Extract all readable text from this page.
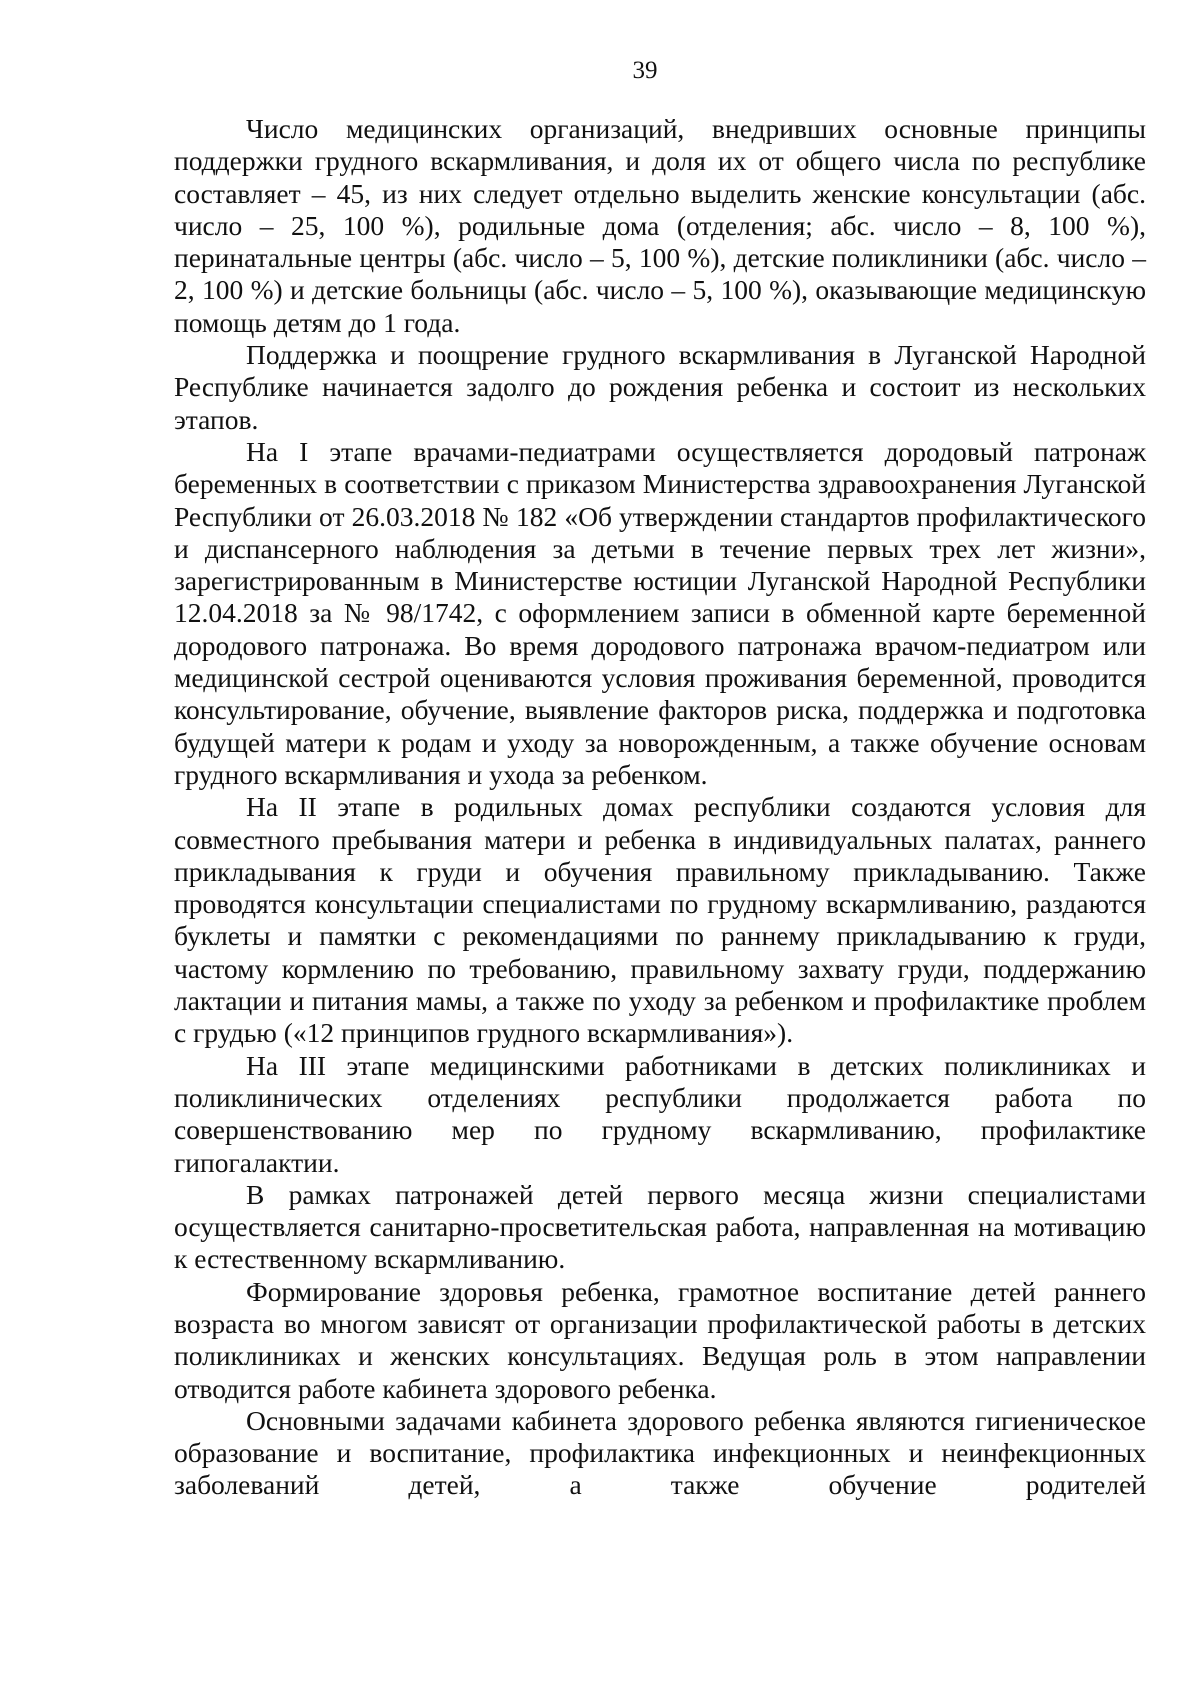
39

Число медицинских организаций, внедривших основные принципы поддержки грудного вскармливания, и доля их от общего числа по республике составляет – 45, из них следует отдельно выделить женские консультации (абс. число – 25, 100 %), родильные дома (отделения; абс. число – 8, 100 %), перинатальные центры (абс. число – 5, 100 %), детские поликлиники (абс. число – 2, 100 %) и детские больницы (абс. число – 5, 100 %), оказывающие медицинскую помощь детям до 1 года.

Поддержка и поощрение грудного вскармливания в Луганской Народной Республике начинается задолго до рождения ребенка и состоит из нескольких этапов.

На I этапе врачами-педиатрами осуществляется дородовый патронаж беременных в соответствии с приказом Министерства здравоохранения Луганской Республики от 26.03.2018 № 182 «Об утверждении стандартов профилактического и диспансерного наблюдения за детьми в течение первых трех лет жизни», зарегистрированным в Министерстве юстиции Луганской Народной Республики 12.04.2018 за № 98/1742, с оформлением записи в обменной карте беременной дородового патронажа. Во время дородового патронажа врачом-педиатром или медицинской сестрой оцениваются условия проживания беременной, проводится консультирование, обучение, выявление факторов риска, поддержка и подготовка будущей матери к родам и уходу за новорожденным, а также обучение основам грудного вскармливания и ухода за ребенком.

На II этапе в родильных домах республики создаются условия для совместного пребывания матери и ребенка в индивидуальных палатах, раннего прикладывания к груди и обучения правильному прикладыванию. Также проводятся консультации специалистами по грудному вскармливанию, раздаются буклеты и памятки с рекомендациями по раннему прикладыванию к груди, частому кормлению по требованию, правильному захвату груди, поддержанию лактации и питания мамы, а также по уходу за ребенком и профилактике проблем с грудью («12 принципов грудного вскармливания»).

На III этапе медицинскими работниками в детских поликлиниках и поликлинических отделениях республики продолжается работа по совершенствованию мер по грудному вскармливанию, профилактике гипогалактии.

В рамках патронажей детей первого месяца жизни специалистами осуществляется санитарно-просветительская работа, направленная на мотивацию к естественному вскармливанию.

Формирование здоровья ребенка, грамотное воспитание детей раннего возраста во многом зависят от организации профилактической работы в детских поликлиниках и женских консультациях. Ведущая роль в этом направлении отводится работе кабинета здорового ребенка.

Основными задачами кабинета здорового ребенка являются гигиеническое образование и воспитание, профилактика инфекционных и неинфекционных заболеваний детей, а также обучение родителей
